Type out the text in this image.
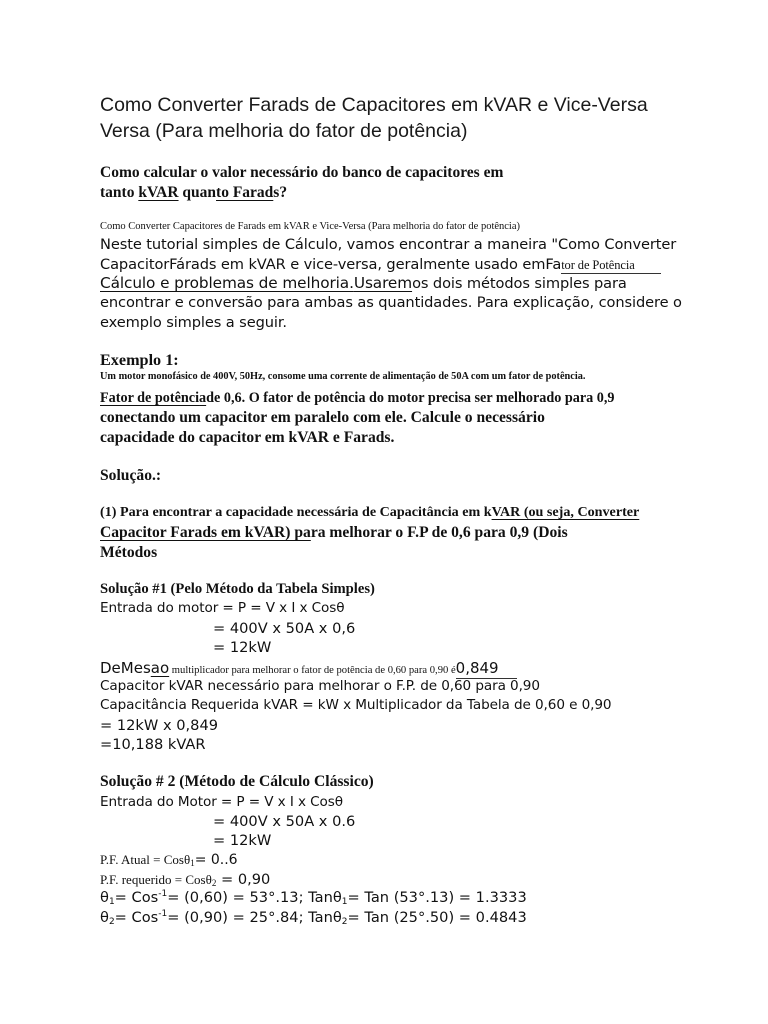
Como Converter Farads de Capacitores em kVAR e Vice-Versa
Versa (Para melhoria do fator de potência)
Como calcular o valor necessário do banco de capacitores em
tanto kVAR quanto Farads?
Como Converter Capacitores de Farads em kVAR e Vice-Versa (Para melhoria do fator de potência)
Neste tutorial simples de Cálculo, vamos encontrar a maneira "Como Converter
CapacitorFárads em kVAR e vice-versa, geralmente usado emFator de Potência
Cálculo e problemas de melhoria.Usaremos dois métodos simples para
encontrar e conversão para ambas as quantidades. Para explicação, considere o
exemplo simples a seguir.
Exemplo 1:
Um motor monofásico de 400V, 50Hz, consome uma corrente de alimentação de 50A com um fator de potência.
Fator de potênciade 0,6. O fator de potência do motor precisa ser melhorado para 0,9
conectando um capacitor em paralelo com ele. Calcule o necessário
capacidade do capacitor em kVAR e Farads.
Solução.:
(1) Para encontrar a capacidade necessária de Capacitância em kVAR (ou seja, Converter
Capacitor Farads em kVAR) para melhorar o F.P de 0,6 para 0,9 (Dois
Métodos
Solução #1 (Pelo Método da Tabela Simples)
Entrada do motor = P = V x I x Cosθ
= 400V x 50A x 0,6
= 12kW
DeMesao multiplicador para melhorar o fator de potência de 0,60 para 0,90 é0,849
Capacitor kVAR necessário para melhorar o F.P. de 0,60 para 0,90
Capacitância Requerida kVAR = kW x Multiplicador da Tabela de 0,60 e 0,90
= 12kW x 0,849
=10,188 kVAR
Solução # 2 (Método de Cálculo Clássico)
Entrada do Motor = P = V x I x Cosθ
= 400V x 50A x 0.6
= 12kW
P.F. Atual = Cosθ$_1$= 0..6
P.F. requerido = Cosθ$_2$ = 0,90
$\theta_1= Cos^{-1}= (0,60) = 53^\circ.13$; Tanθ$_1$= Tan (53°.13) = 1.3333
$\theta_2= Cos^{-1}= (0,90) = 25^\circ.84$; Tanθ$_2$= Tan (25°.50) = 0.4843
